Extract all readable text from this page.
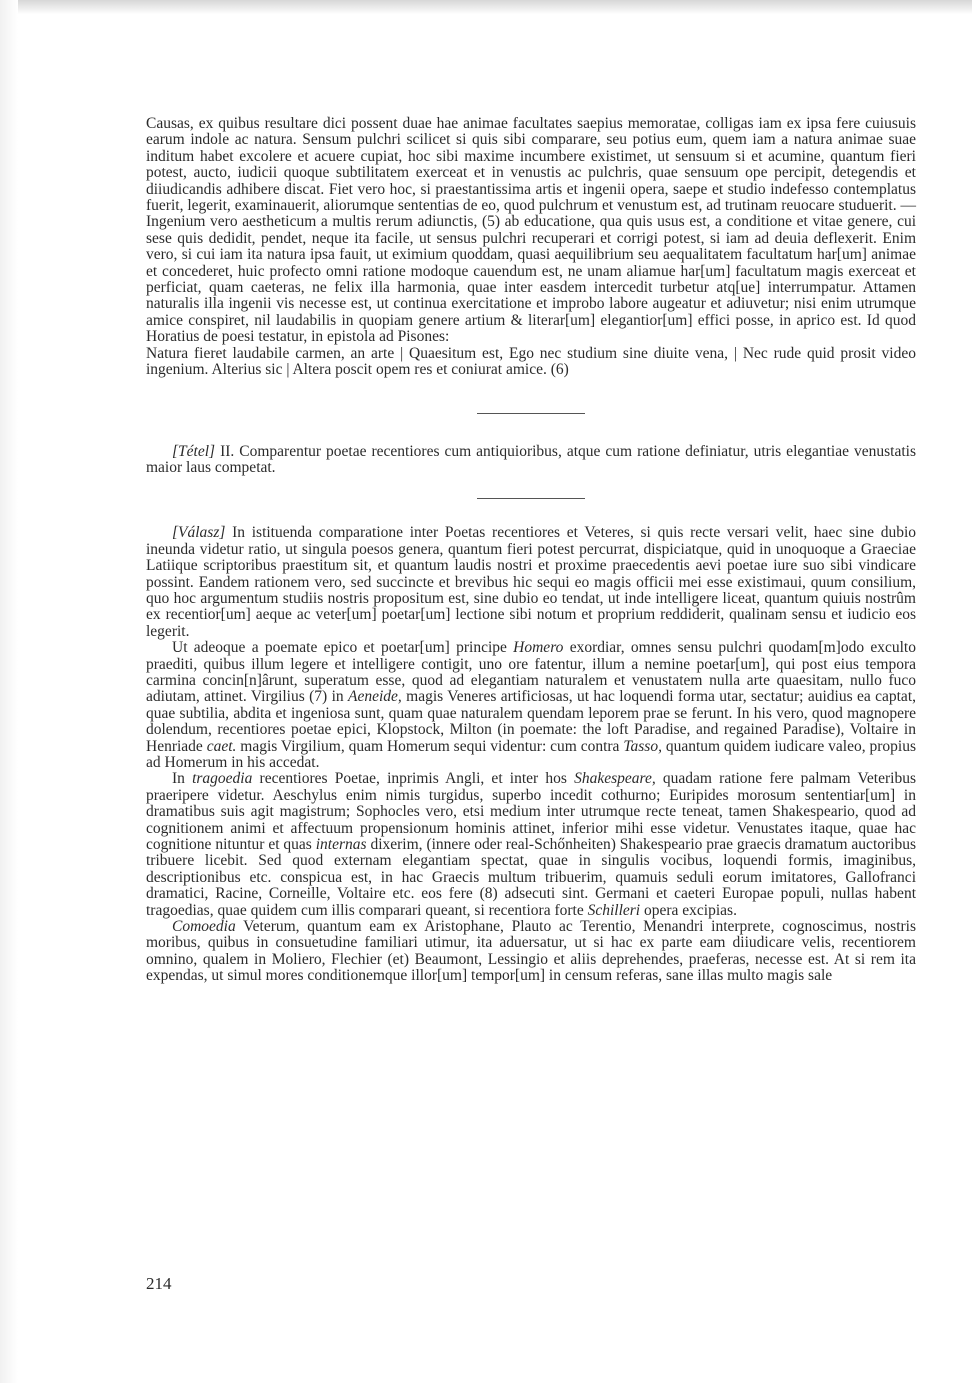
Causas, ex quibus resultare dici possent duae hae animae facultates saepius memoratae, colligas iam ex ipsa fere cuiusuis earum indole ac natura. Sensum pulchri scilicet si quis sibi comparare, seu potius eum, quem iam a natura animae suae inditum habet excolere et acuere cupiat, hoc sibi maxime incumbere existimet, ut sensuum si et acumine, quantum fieri potest, aucto, iudicii quoque subtilitatem exerceat et in venustis ac pulchris, quae sensuum ope percipit, detegendis et diiudicandis adhibere discat. Fiet vero hoc, si praestantissima artis et ingenii opera, saepe et studio indefesso contemplatus fuerit, legerit, examinauerit, aliorumque sententias de eo, quod pulchrum et venustum est, ad trutinam reuocare studuerit. — Ingenium vero aestheticum a multis rerum adiunctis, (5) ab educatione, qua quis usus est, a conditione et vitae genere, cui sese quis dedidit, pendet, neque ita facile, ut sensus pulchri recuperari et corrigi potest, si iam ad deuia deflexerit. Enim vero, si cui iam ita natura ipsa fauit, ut eximium quoddam, quasi aequilibrium seu aequalitatem facultatum har[um] animae et concederet, huic profecto omni ratione modoque cauendum est, ne unam aliamue har[um] facultatum magis exerceat et perficiat, quam caeteras, ne felix illa harmonia, quae inter easdem intercedit turbetur atq[ue] interrumpatur. Attamen naturalis illa ingenii vis necesse est, ut continua exercitatione et improbo labore augeatur et adiuvetur; nisi enim utrumque amice conspiret, nil laudabilis in quopiam genere artium & literar[um] elegantior[um] effici posse, in aprico est. Id quod Horatius de poesi testatur, in epistola ad Pisones:

Natura fieret laudabile carmen, an arte | Quaesitum est, Ego nec studium sine diuite vena, | Nec rude quid prosit video ingenium. Alterius sic | Altera poscit opem res et coniurat amice. (6)

[Tétel] II. Comparentur poetae recentiores cum antiquioribus, atque cum ratione definiatur, utris elegantiae venustatis maior laus competat.

[Válasz] In istituenda comparatione inter Poetas recentiores et Veteres, si quis recte versari velit, haec sine dubio ineunda videtur ratio, ut singula poesos genera, quantum fieri potest percurrat, dispiciatque, quid in unoquoque a Graeciae Latiique scriptoribus praestitum sit, et quantum laudis nostri et proxime praecedentis aevi poetae iure suo sibi vindicare possint. Eandem rationem vero, sed succincte et brevibus hic sequi eo magis officii mei esse existimaui, quum consilium, quo hoc argumentum studiis nostris propositum est, sine dubio eo tendat, ut inde intelligere liceat, quantum quiuis nostrûm ex recentior[um] aeque ac veter[um] poetar[um] lectione sibi notum et proprium reddiderit, qualinam sensu et iudicio eos legerit.

Ut adeoque a poemate epico et poetar[um] principe Homero exordiar, omnes sensu pulchri quodam[m]odo exculto praediti, quibus illum legere et intelligere contigit, uno ore fatentur, illum a nemine poetar[um], qui post eius tempora carmina concin[n]ârunt, superatum esse, quod ad elegantiam naturalem et venustatem nulla arte quaesitam, nullo fuco adiutam, attinet. Virgilius (7) in Aeneide, magis Veneres artificiosas, ut hac loquendi forma utar, sectatur; auidius ea captat, quae subtilia, abdita et ingeniosa sunt, quam quae naturalem quendam leporem prae se ferunt. In his vero, quod magnopere dolendum, recentiores poetae epici, Klopstock, Milton (in poemate: the loft Paradise, and regained Paradise), Voltaire in Henriade caet. magis Virgilium, quam Homerum sequi videntur: cum contra Tasso, quantum quidem iudicare valeo, propius ad Homerum in his accedat.

In tragoedia recentiores Poetae, inprimis Angli, et inter hos Shakespeare, quadam ratione fere palmam Veteribus praeripere videtur. Aeschylus enim nimis turgidus, superbo incedit cothurno; Euripides morosum sententiar[um] in dramatibus suis agit magistrum; Sophocles vero, etsi medium inter utrumque recte teneat, tamen Shakespeario, quod ad cognitionem animi et affectuum propensionum hominis attinet, inferior mihi esse videtur. Venustates itaque, quae hac cognitione nituntur et quas internas dixerim, (innere oder real-Schőnheiten) Shakespeario prae graecis dramatum auctoribus tribuere licebit. Sed quod externam elegantiam spectat, quae in singulis vocibus, loquendi formis, imaginibus, descriptionibus etc. conspicua est, in hac Graecis multum tribuerim, quamuis seduli eorum imitatores, Gallofranci dramatici, Racine, Corneille, Voltaire etc. eos fere (8) adsecuti sint. Germani et caeteri Europae populi, nullas habent tragoedias, quae quidem cum illis comparari queant, si recentiora forte Schilleri opera excipias.

Comoedia Veterum, quantum eam ex Aristophane, Plauto ac Terentio, Menandri interprete, cognoscimus, nostris moribus, quibus in consuetudine familiari utimur, ita aduersatur, ut si hac ex parte eam diiudicare velis, recentiorem omnino, qualem in Moliero, Flechier (et) Beaumont, Lessingio et aliis deprehendes, praeferas, necesse est. At si rem ita expendas, ut simul mores conditionemque illor[um] tempor[um] in censum referas, sane illas multo magis sale

214
